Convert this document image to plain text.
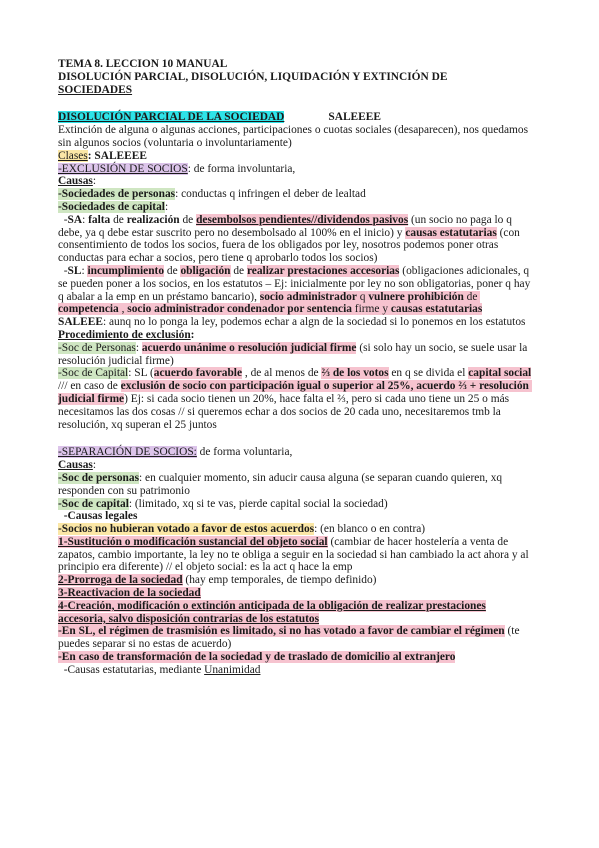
TEMA 8. LECCION 10 MANUAL
DISOLUCIÓN PARCIAL, DISOLUCIÓN, LIQUIDACIÓN Y EXTINCIÓN DE
SOCIEDADES
DISOLUCIÓN PARCIAL DE LA SOCIEDAD	SALEEEE
Extinción de alguna o algunas acciones, participaciones o cuotas sociales (desaparecen), nos quedamos sin algunos socios (voluntaria o involuntariamente)
Clases: SALEEEE
-EXCLUSIÓN DE SOCIOS: de forma involuntaria,
Causas:
-Sociedades de personas: conductas q infringen el deber de lealtad
-Sociedades de capital:
-SA: falta de realización de desembolsos pendientes//dividendos pasivos (un socio no paga lo q debe, ya q debe estar suscrito pero no desembolsado al 100% en el inicio) y causas estatutarias (con consentimiento de todos los socios, fuera de los obligados por ley, nosotros podemos poner otras conductas para echar a socios, pero tiene q aprobarlo todos los socios)
-SL: incumplimiento de obligación de realizar prestaciones accesorias (obligaciones adicionales, q se pueden poner a los socios, en los estatutos – Ej: inicialmente por ley no son obligatorias, poner q hay q abalar a la emp en un préstamo bancario), socio administrador q vulnere prohibición de competencia , socio administrador condenador por sentencia firme y causas estatutarias
SALEEE: aunq no lo ponga la ley, podemos echar a algn de la sociedad si lo ponemos en los estatutos
Procedimiento de exclusión:
-Soc de Personas: acuerdo unánime o resolución judicial firme (si solo hay un socio, se suele usar la resolución judicial firme)
-Soc de Capital: SL (acuerdo favorable , de al menos de ⅔ de los votos en q se divida el capital social /// en caso de exclusión de socio con participación igual o superior al 25%, acuerdo ⅔ + resolución judicial firme) Ej: si cada socio tienen un 20%, hace falta el ⅔, pero si cada uno tiene un 25 o más necesitamos las dos cosas // si queremos echar a dos socios de 20 cada uno, necesitaremos tmb la resolución, xq superan el 25 juntos
-SEPARACIÓN DE SOCIOS: de forma voluntaria,
Causas:
-Soc de personas: en cualquier momento, sin aducir causa alguna (se separan cuando quieren, xq responden con su patrimonio
-Soc de capital: (limitado, xq si te vas, pierde capital social la sociedad)
-Causas legales
-Socios no hubieran votado a favor de estos acuerdos: (en blanco o en contra)
1-Sustitución o modificación sustancial del objeto social (cambiar de hacer hostelería a venta de zapatos, cambio importante, la ley no te obliga a seguir en la sociedad si han cambiado la act ahora y al principio era diferente) // el objeto social: es la act q hace la emp
2-Prorroga de la sociedad (hay emp temporales, de tiempo definido)
3-Reactivacion de la sociedad
4-Creación, modificación o extinción anticipada de la obligación de realizar prestaciones accesoria, salvo disposición contrarias de los estatutos
-En SL, el régimen de trasmisión es limitado, si no has votado a favor de cambiar el régimen (te puedes separar si no estas de acuerdo)
-En caso de transformación de la sociedad y de traslado de domicilio al extranjero
-Causas estatutarias, mediante Unanimidad
